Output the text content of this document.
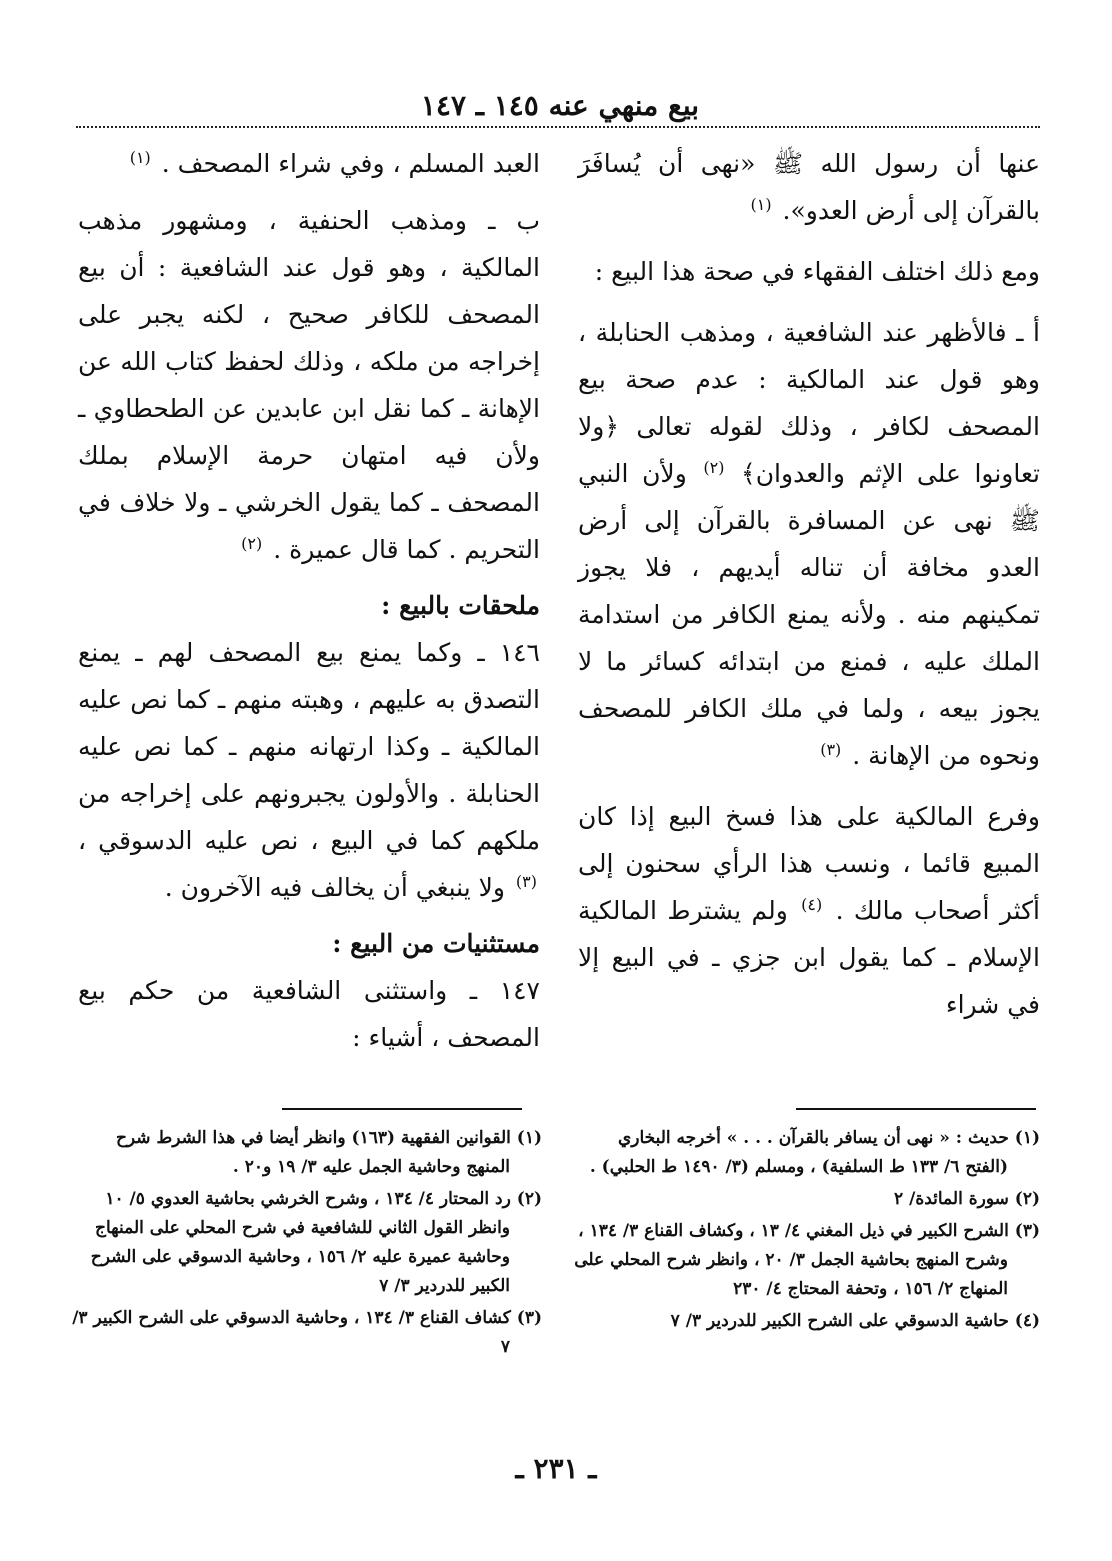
بيع منهي عنه ١٤٥ ـ ١٤٧

عنها أن رسول الله ﷺ «نهى أن يُسافَرَ بالقرآن إلى أرض العدو». $^{(١)}$

ومع ذلك اختلف الفقهاء في صحة هذا البيع :

أ ـ فالأظهر عند الشافعية ، ومذهب الحنابلة ، وهو قول عند المالكية : عدم صحة بيع المصحف لكافر ، وذلك لقوله تعالى ﴿ولا تعاونوا على الإثم والعدوان﴾ $^{(٢)}$ ولأن النبي ﷺ نهى عن المسافرة بالقرآن إلى أرض العدو مخافة أن تناله أيديهم ، فلا يجوز تمكينهم منه . ولأنه يمنع الكافر من استدامة الملك عليه ، فمنع من ابتدائه كسائر ما لا يجوز بيعه ، ولما في ملك الكافر للمصحف ونحوه من الإهانة . $^{(٣)}$

وفرع المالكية على هذا فسخ البيع إذا كان المبيع قائما ، ونسب هذا الرأي سحنون إلى أكثر أصحاب مالك . $^{(٤)}$ ولم يشترط المالكية الإسلام ـ كما يقول ابن جزي ـ في البيع إلا في شراء

العبد المسلم ، وفي شراء المصحف . $^{(١)}$

ب ـ ومذهب الحنفية ، ومشهور مذهب المالكية ، وهو قول عند الشافعية : أن بيع المصحف للكافر صحيح ، لكنه يجبر على إخراجه من ملكه ، وذلك لحفظ كتاب الله عن الإهانة ـ كما نقل ابن عابدين عن الطحطاوي ـ ولأن فيه امتهان حرمة الإسلام بملك المصحف ـ كما يقول الخرشي ـ ولا خلاف في التحريم . كما قال عميرة . $^{(٢)}$

ملحقات بالبيع :

١٤٦ ـ وكما يمنع بيع المصحف لهم ـ يمنع التصدق به عليهم ، وهبته منهم ـ كما نص عليه المالكية ـ وكذا ارتهانه منهم ـ كما نص عليه الحنابلة . والأولون يجبرونهم على إخراجه من ملكهم كما في البيع ، نص عليه الدسوقي ، $^{(٣)}$ ولا ينبغي أن يخالف فيه الآخرون .

مستثنيات من البيع :

١٤٧ ـ واستثنى الشافعية من حكم بيع المصحف ، أشياء :

(١) حديث : « نهى أن يسافر بالقرآن . . . » أخرجه البخاري (الفتح ٦/ ١٣٣ ط السلفية) ، ومسلم (٣/ ١٤٩٠ ط الحلبي) .
(٢) سورة المائدة/ ٢
(٣) الشرح الكبير في ذيل المغني ٤/ ١٣ ، وكشاف القناع ٣/ ١٣٤ ، وشرح المنهج بحاشية الجمل ٣/ ٢٠ ، وانظر شرح المحلي على المنهاج ٢/ ١٥٦ ، وتحفة المحتاج ٤/ ٢٣٠
(٤) حاشية الدسوقي على الشرح الكبير للدردير ٣/ ٧
(١) القوانين الفقهية (١٦٣) وانظر أيضا في هذا الشرط شرح المنهج وحاشية الجمل عليه ٣/ ١٩ و٢٠ .
(٢) رد المحتار ٤/ ١٣٤ ، وشرح الخرشي بحاشية العدوي ٥/ ١٠ وانظر القول الثاني للشافعية في شرح المحلي على المنهاج وحاشية عميرة عليه ٢/ ١٥٦ ، وحاشية الدسوقي على الشرح الكبير للدردير ٣/ ٧
(٣) كشاف القناع ٣/ ١٣٤ ، وحاشية الدسوقي على الشرح الكبير ٣/ ٧
ـ ٢٣١ ـ
